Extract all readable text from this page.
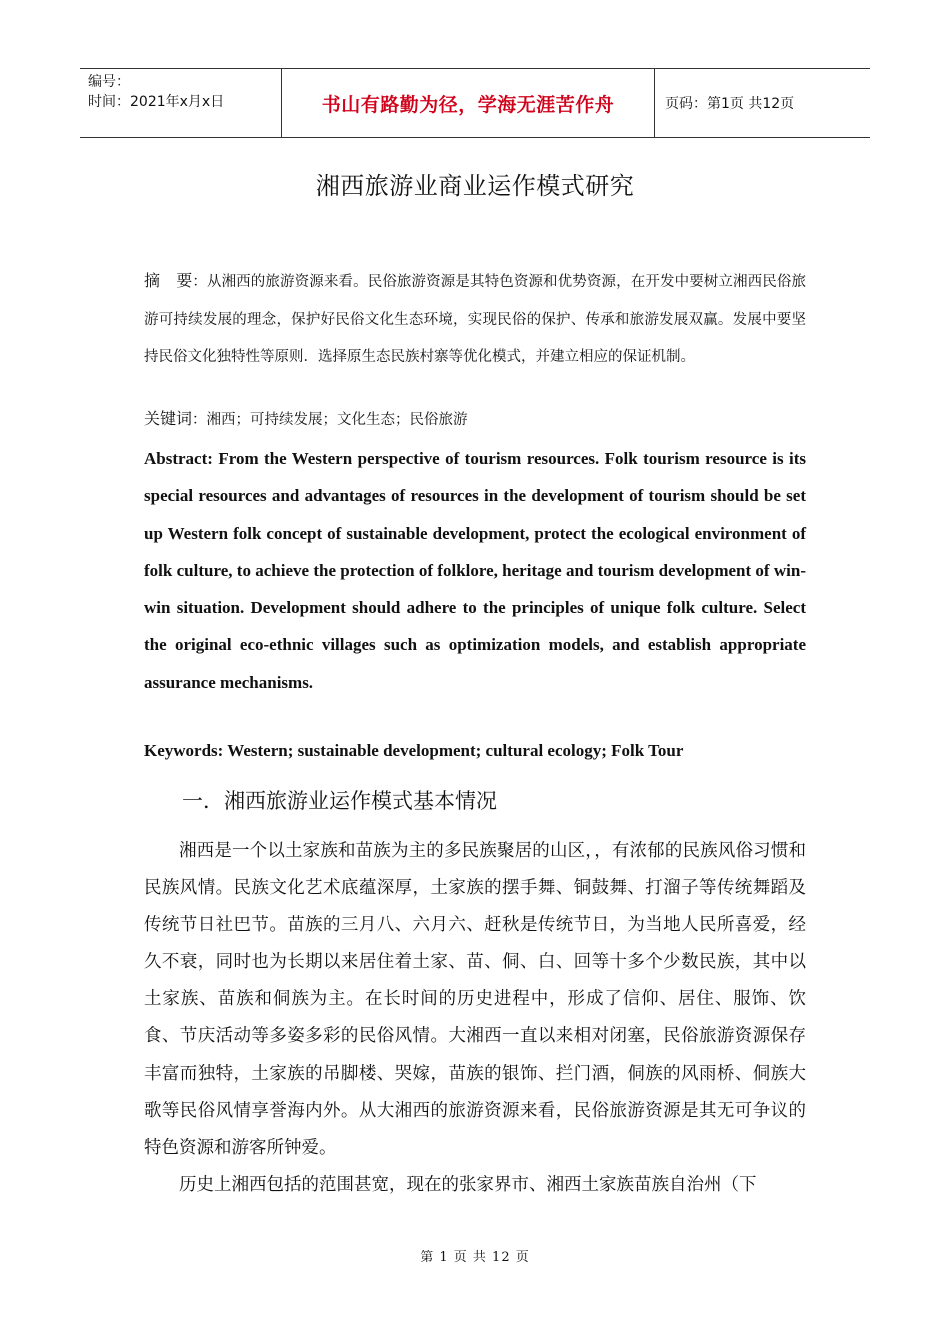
编号：
时间：2021年x月x日	书山有路勤为径，学海无涯苦作舟	页码：第1页 共12页
湘西旅游业商业运作模式研究
摘　要：从湘西的旅游资源来看。民俗旅游资源是其特色资源和优势资源，在开发中要树立湘西民俗旅游可持续发展的理念，保护好民俗文化生态环境，实现民俗的保护、传承和旅游发展双赢。发展中要坚持民俗文化独特性等原则．选择原生态民族村寨等优化模式，并建立相应的保证机制。
关键词：湘西；可持续发展；文化生态；民俗旅游
Abstract: From the Western perspective of tourism resources. Folk tourism resource is its special resources and advantages of resources in the development of tourism should be set up Western folk concept of sustainable development, protect the ecological environment of folk culture, to achieve the protection of folklore, heritage and tourism development of win-win situation. Development should adhere to the principles of unique folk culture. Select the original eco-ethnic villages such as optimization models, and establish appropriate assurance mechanisms.
Keywords: Western; sustainable development; cultural ecology; Folk Tour
一．湘西旅游业运作模式基本情况

湘西是一个以土家族和苗族为主的多民族聚居的山区，，有浓郁的民族风俗习惯和民族风情。民族文化艺术底蕴深厚，土家族的摆手舞、铜鼓舞、打溜子等传统舞蹈及传统节日社巴节。苗族的三月八、六月六、赶秋是传统节日，为当地人民所喜爱，经久不衰，同时也为长期以来居住着土家、苗、侗、白、回等十多个少数民族，其中以土家族、苗族和侗族为主。在长时间的历史进程中，形成了信仰、居住、服饰、饮食、节庆活动等多姿多彩的民俗风情。大湘西一直以来相对闭塞，民俗旅游资源保存丰富而独特，土家族的吊脚楼、哭嫁，苗族的银饰、拦门酒，侗族的风雨桥、侗族大歌等民俗风情享誉海内外。从大湘西的旅游资源来看，民俗旅游资源是其无可争议的特色资源和游客所钟爱。

历史上湘西包括的范围甚宽，现在的张家界市、湘西土家族苗族自治州（下

第 1 页 共 12 页
